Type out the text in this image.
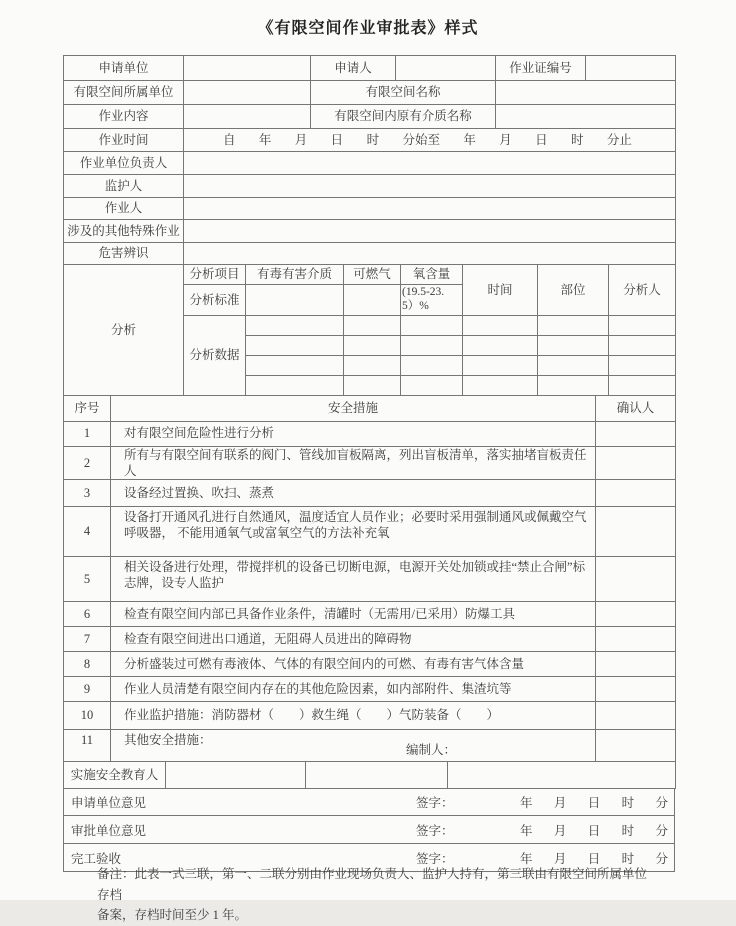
《有限空间作业审批表》样式
申请单位		申请人		作业证编号	
有限空间所属单位		有限空间名称			
作业内容		有限空间内原有介质名称			
作业时间	自 年 月 日 时 分始至 年 月 日 时 分止

作业单位负责人					
监护人					
作业人					
涉及的其他特殊作业					
危害辨识					
分析	分析项目	有毒有害介质	可燃气	氧含量	时间	部位	分析人
	分析标准			(19.5-23.5）%			
	分析数据						

序号	安全措施	确认人
1	对有限空间危险性进行分析	
2	所有与有限空间有联系的阀门、管线加盲板隔离，列出盲板清单，落实抽堵盲板责任人	
3	设备经过置换、吹扫、蒸煮	
4	设备打开通风孔进行自然通风，温度适宜人员作业；必要时采用强制通风或佩戴空气呼吸器， 不能用通氧气或富氧空气的方法补充氧	
5	相关设备进行处理，带搅拌机的设备已切断电源，电源开关处加锁或挂“禁止合闸”标志牌，设专人监护	
6	检查有限空间内部已具备作业条件，清罐时（无需用/已采用）防爆工具	
7	检查有限空间进出口通道，无阻碍人员进出的障碍物	
8	分析盛装过可燃有毒液体、气体的有限空间内的可燃、有毒有害气体含量	
9	作业人员清楚有限空间内存在的其他危险因素，如内部附件、集渣坑等	
10	作业监护措施：消防器材（　　）救生绳（　　）气防装备（　　）	
11	其他安全措施：
编制人：	

实施安全教育人			
申请单位意见	签字：	年 月 日 时 分
审批单位意见	签字：	年 月 日 时 分
完工验收	签字：	年 月 日 时 分
备注：此表一式三联，第一、二联分别由作业现场负责人、监护人持有，第三联由有限空间所属单位存档
备案，存档时间至少 1 年。
